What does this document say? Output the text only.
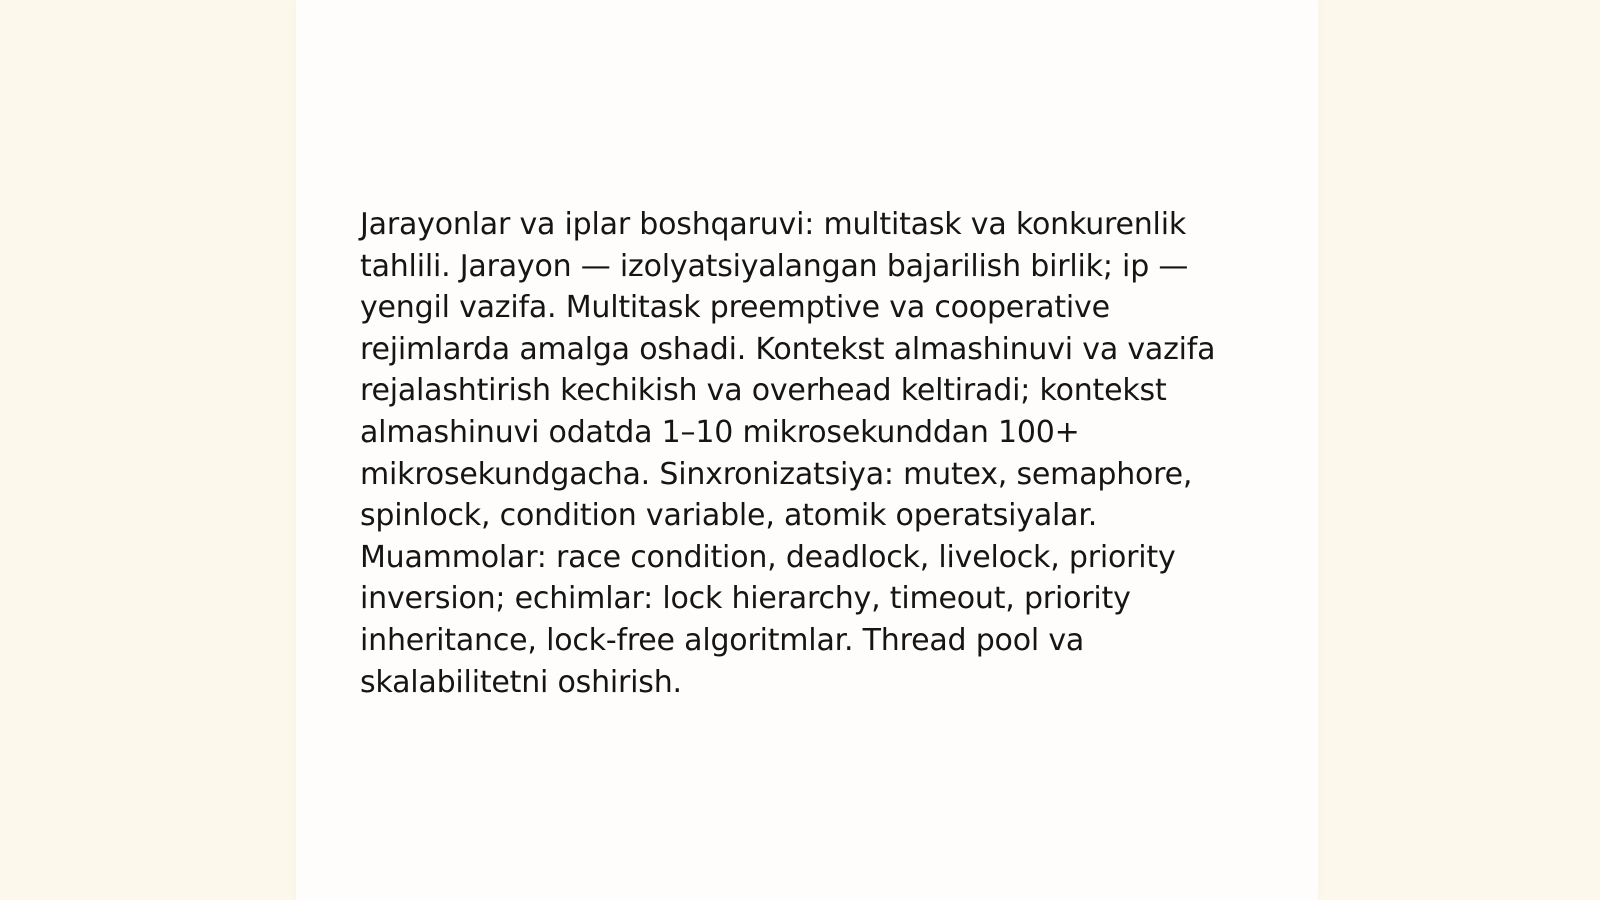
Jarayonlar va iplar boshqaruvi: multitask va konkurenlik tahlili. Jarayon — izolyatsiyalangan bajarilish birlik; ip — yengil vazifa. Multitask preemptive va cooperative rejimlarda amalga oshadi. Kontekst almashinuvi va vazifa rejalashtirish kechikish va overhead keltiradi; kontekst almashinuvi odatda 1–10 mikrosekunddan 100+ mikrosekundgacha. Sinxronizatsiya: mutex, semaphore, spinlock, condition variable, atomik operatsiyalar. Muammolar: race condition, deadlock, livelock, priority inversion; echimlar: lock hierarchy, timeout, priority inheritance, lock-free algoritmlar. Thread pool va skalabilitetni oshirish.
